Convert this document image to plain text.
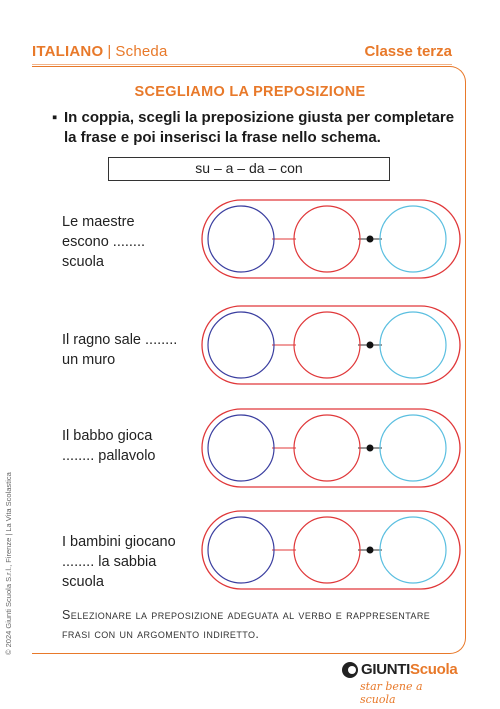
ITALIANO | Scheda	Classe terza
SCEGLIAMO LA PREPOSIZIONE
▪ In coppia, scegli la preposizione giusta per completare la frase e poi inserisci la frase nello schema.
su – a – da – con
Le maestre
escono ........
scuola
Il ragno sale ........
un muro
Il babbo gioca
........ pallavolo
I bambini giocano
........ la sabbia
scuola
Selezionare la preposizione adeguata al verbo e rappresentare frasi con un argomento indiretto.
© 2024 Giunti Scuola S.r.l., Firenze | La Vita Scolastica
GIUNTIScuola
star bene a scuola
